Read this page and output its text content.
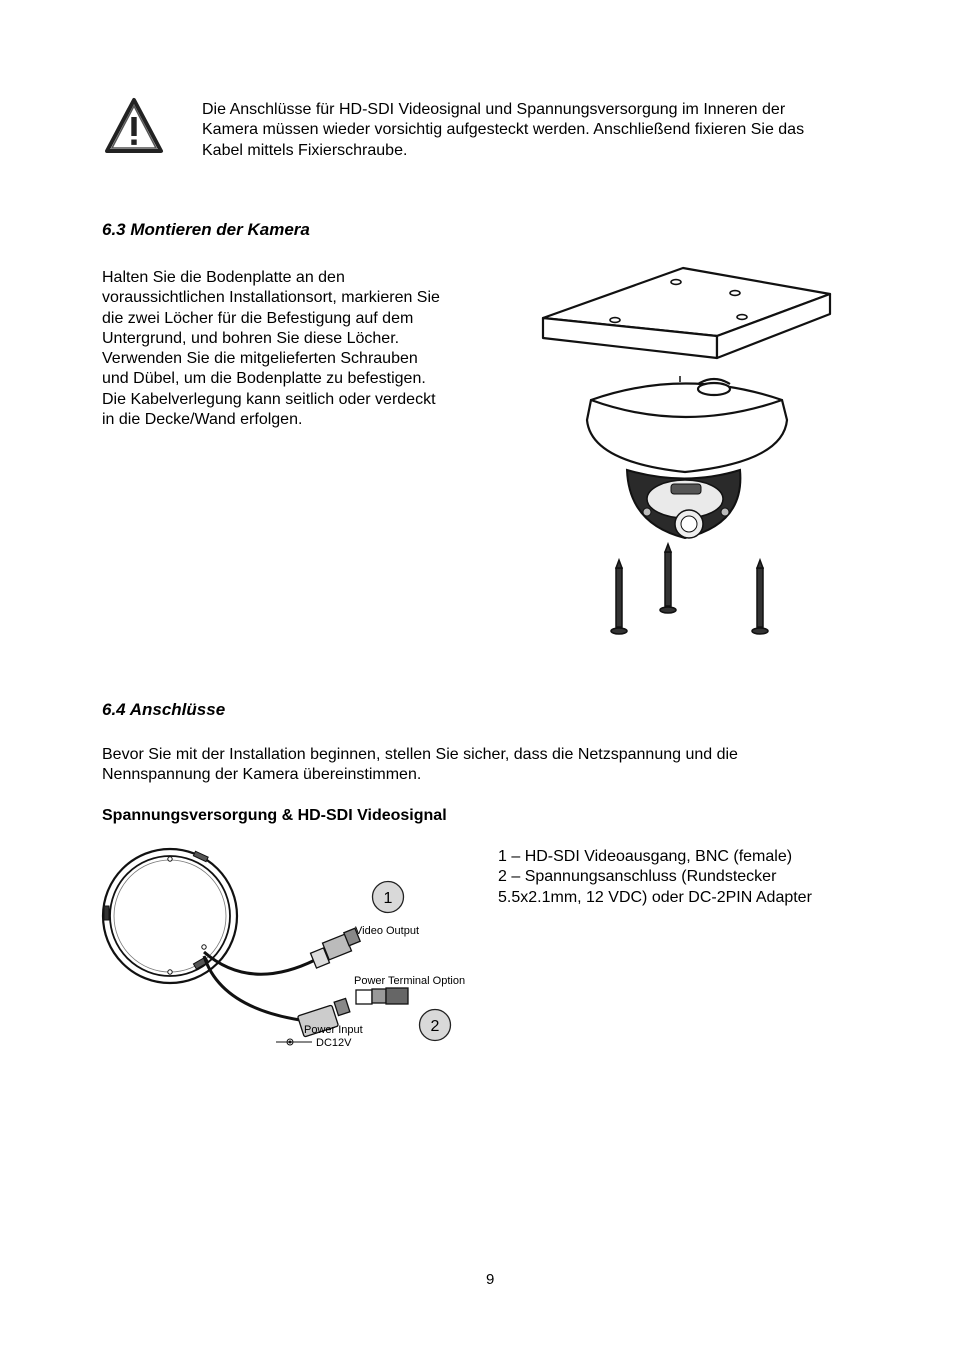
Die Anschlüsse für HD-SDI Videosignal und Spannungsversorgung im Inneren der
Kamera müssen wieder vorsichtig aufgesteckt werden. Anschließend fixieren Sie das
Kabel mittels Fixierschraube.
6.3 Montieren der Kamera
Halten Sie die Bodenplatte an den
voraussichtlichen Installationsort, markieren Sie
die zwei Löcher für die Befestigung auf dem
Untergrund, und bohren Sie diese Löcher.
Verwenden Sie die mitgelieferten Schrauben
und Dübel, um die Bodenplatte zu befestigen.
Die Kabelverlegung kann seitlich oder verdeckt
in die Decke/Wand erfolgen.
6.4 Anschlüsse
Bevor Sie mit der Installation beginnen, stellen Sie sicher, dass die Netzspannung und die
Nennspannung der Kamera übereinstimmen.
Spannungsversorgung & HD-SDI Videosignal
1
2
Video Output
Power Terminal Option
Power Input
DC12V
1 – HD-SDI Videoausgang, BNC (female)
2 – Spannungsanschluss (Rundstecker
5.5x2.1mm, 12 VDC) oder DC-2PIN Adapter
9
